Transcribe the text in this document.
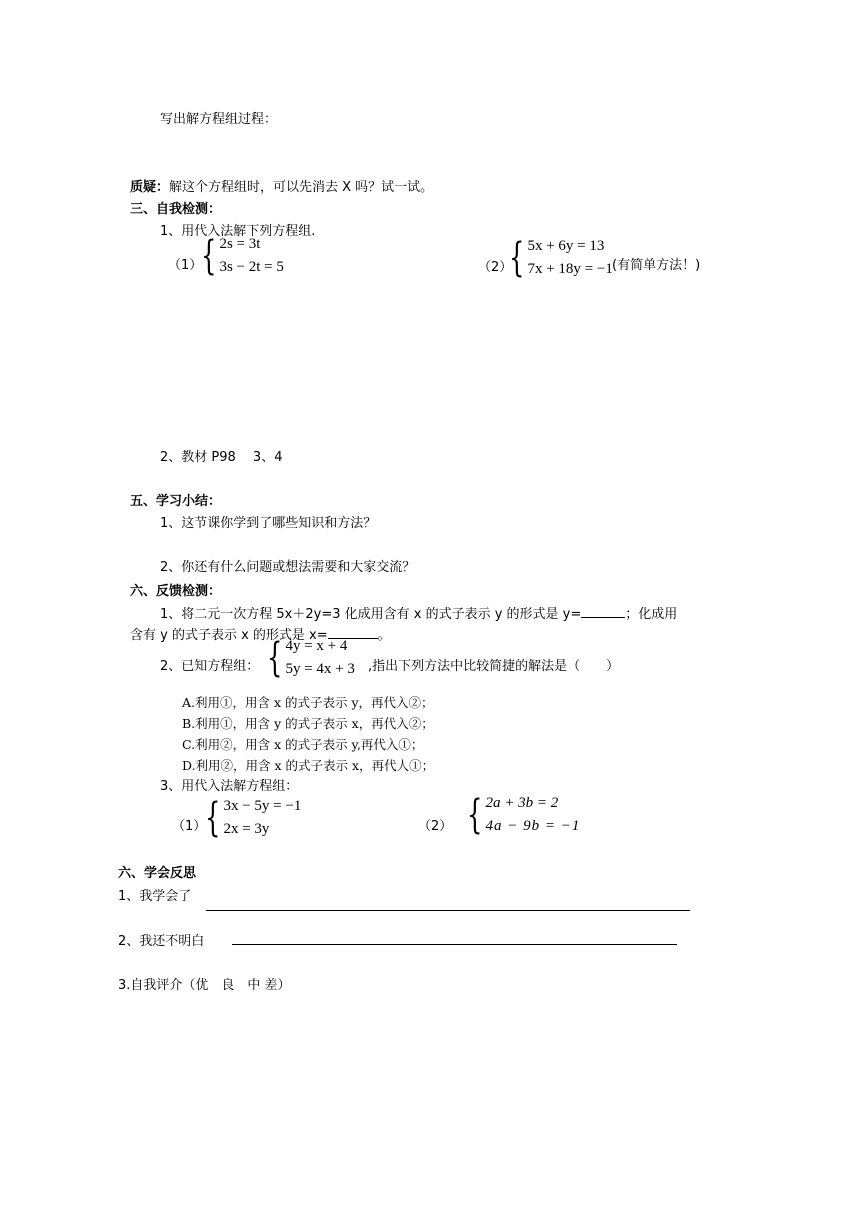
写出解方程组过程：
质疑：解这个方程组时，可以先消去 X 吗？试一试。
三、自我检测：
1、用代入法解下列方程组.
（1）
{ 2s = 3t
3s − 2t = 5	（2）
{ 5x + 6y = 13
7x + 18y = −1 (有简单方法！)
2、教材 P98　 3、4
五、学习小结：
1、这节课你学到了哪些知识和方法？
2、你还有什么问题或想法需要和大家交流？
六、反馈检测：
1、将二元一次方程 5x＋2y=3 化成用含有 x 的式子表示 y 的形式是 y=	；化成用
含有 y 的式子表示 x 的形式是 x=	。
2、已知方程组： { 4y = x + 4
5y = 4x + 3 ,指出下列方法中比较简捷的解法是（　　）
A.利用①，用含 x 的式子表示 y，再代入②；
B.利用①，用含 y 的式子表示 x，再代入②；
C.利用②，用含 x 的式子表示 y,再代入①；
D.利用②，用含 x 的式子表示 x，再代人①；
3、用代入法解方程组：
（1）
{ 3x − 5y = −1
2x = 3y	（2） { 2a + 3b = 2
4a − 9b = −1
六、学会反思
1、我学会了
2、我还不明白
3.自我评介（优　良　中 差）
